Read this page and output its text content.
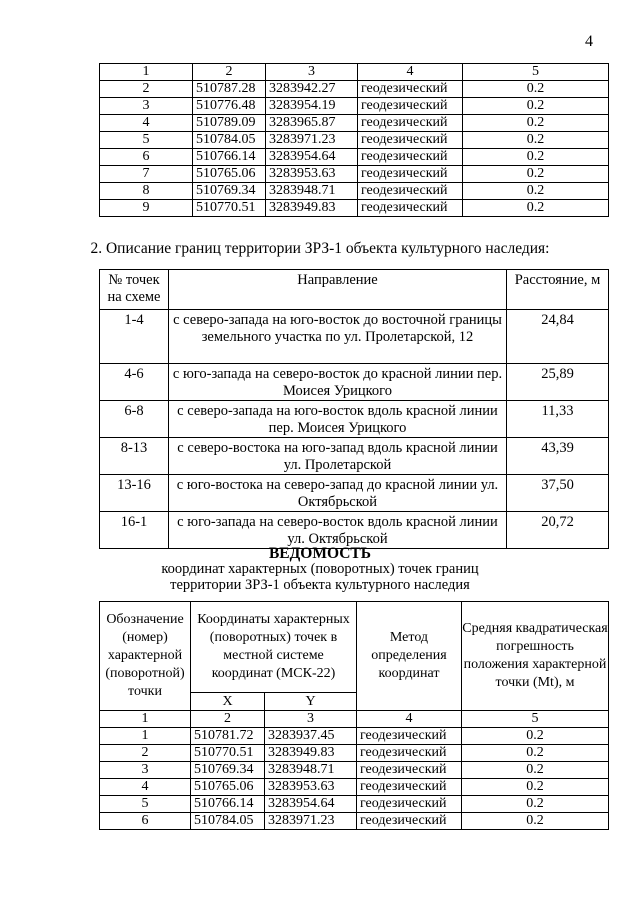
4
1	2	3	4	5
2	510787.28	3283942.27	геодезический	0.2
3	510776.48	3283954.19	геодезический	0.2
4	510789.09	3283965.87	геодезический	0.2
5	510784.05	3283971.23	геодезический	0.2
6	510766.14	3283954.64	геодезический	0.2
7	510765.06	3283953.63	геодезический	0.2
8	510769.34	3283948.71	геодезический	0.2
9	510770.51	3283949.83	геодезический	0.2
2. Описание границ территории ЗРЗ-1 объекта культурного наследия:
№ точек на схеме	Направление	Расстояние, м
1-4	с северо-запада на юго-восток до восточной границы земельного участка по ул. Пролетарской, 12	24,84
4-6	с юго-запада на северо-восток до красной линии пер. Моисея Урицкого	25,89
6-8	с северо-запада на юго-восток вдоль красной линии пер. Моисея Урицкого	11,33
8-13	с северо-востока на юго-запад вдоль красной линии ул. Пролетарской	43,39
13-16	с юго-востока на северо-запад до красной линии ул. Октябрьской	37,50
16-1	с юго-запада на северо-восток вдоль красной линии ул. Октябрьской	20,72
ВЕДОМОСТЬ
координат характерных (поворотных) точек границ
территории ЗРЗ-1 объекта культурного наследия
Обозначение (номер) характерной (поворотной) точки	Координаты характерных (поворотных) точек в местной системе координат (МСК-22)		Метод определения координат	Средняя квадратическая погрешность положения характерной точки (Mt), м
	X	Y		
1	2	3	4	5
1	510781.72	3283937.45	геодезический	0.2
2	510770.51	3283949.83	геодезический	0.2
3	510769.34	3283948.71	геодезический	0.2
4	510765.06	3283953.63	геодезический	0.2
5	510766.14	3283954.64	геодезический	0.2
6	510784.05	3283971.23	геодезический	0.2
